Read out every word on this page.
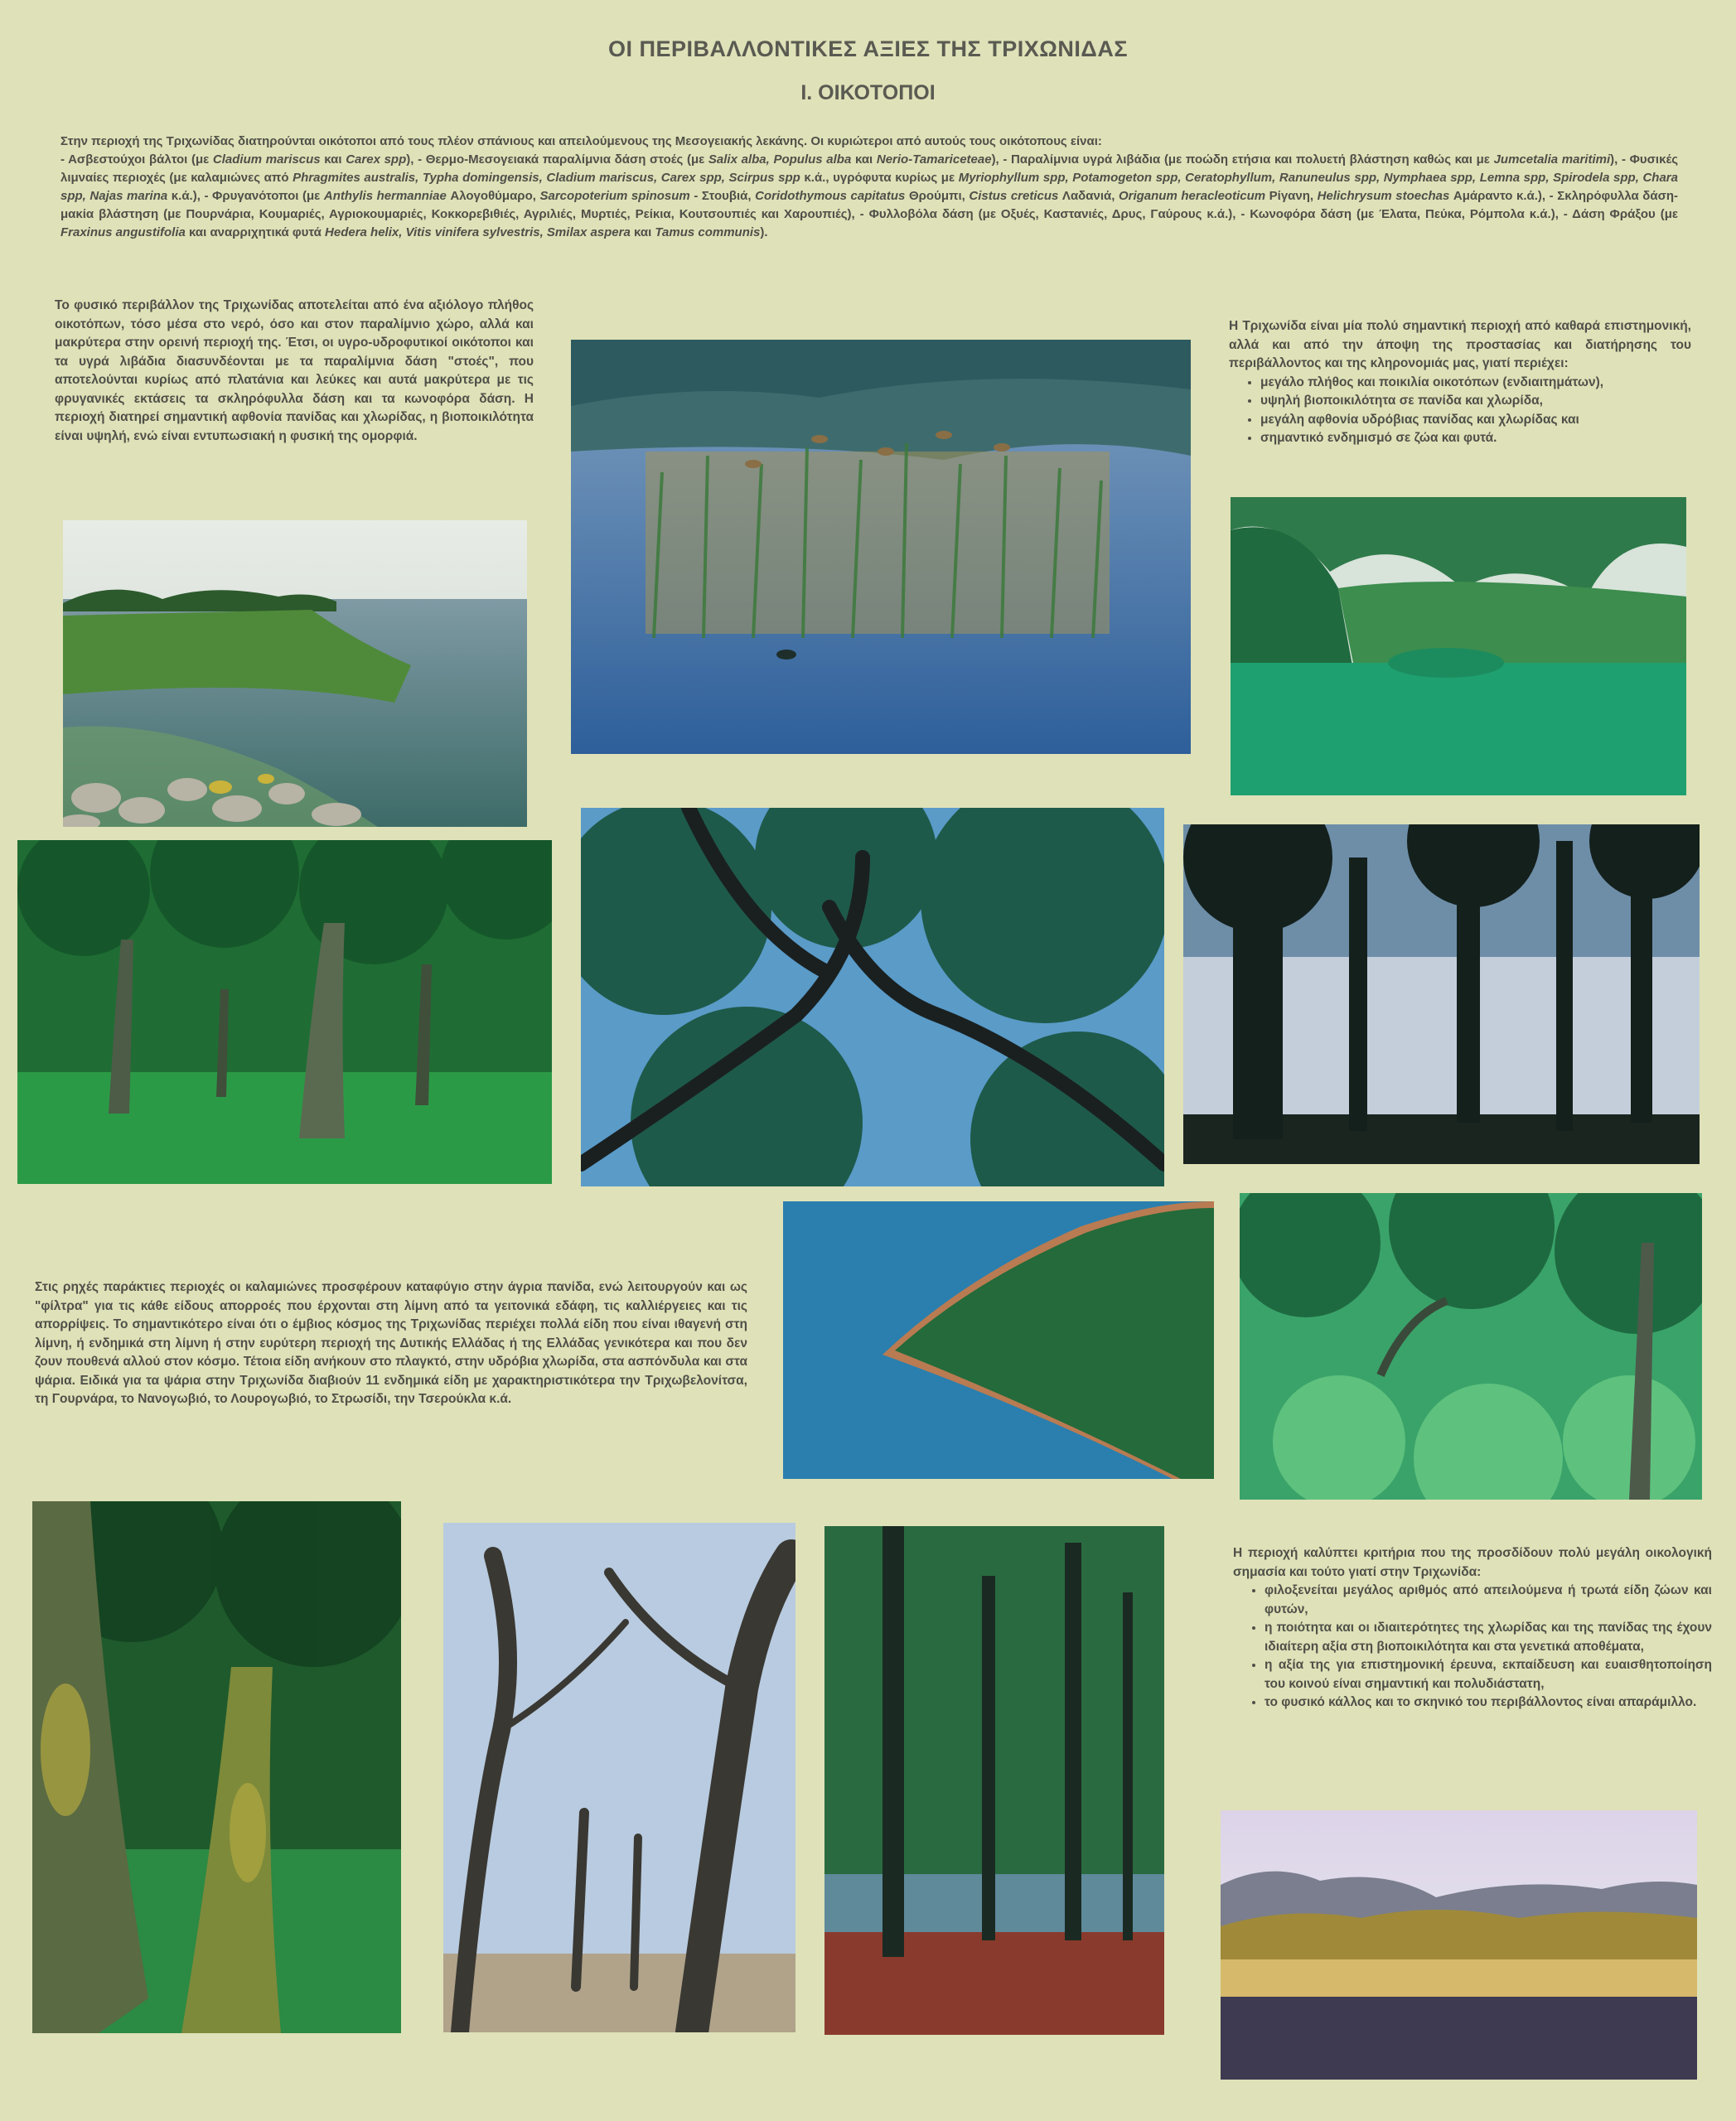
ΟΙ ΠΕΡΙΒΑΛΛΟΝΤΙΚΕΣ ΑΞΙΕΣ ΤΗΣ ΤΡΙΧΩΝΙΔΑΣ
Ι. ΟΙΚΟΤΟΠΟΙ
Στην περιοχή της Τριχωνίδας διατηρούνται οικότοποι από τους πλέον σπάνιους και απειλούμενους της Μεσογειακής λεκάνης. Οι κυριώτεροι από αυτούς τους οικότοπους είναι:
- Ασβεστούχοι βάλτοι (με Cladium mariscus και Carex spp), - Θερμο-Μεσογειακά παραλίμνια δάση στοές (με Salix alba, Populus alba και Nerio-Tamariceteae), - Παραλίμνια υγρά λιβάδια (με ποώδη ετήσια και πολυετή βλάστηση καθώς και με Jumcetalia maritimi), - Φυσικές λιμναίες περιοχές (με καλαμιώνες από Phragmites australis, Typha domingensis, Cladium mariscus, Carex spp, Scirpus spp κ.ά., υγρόφυτα κυρίως με Myriophyllum spp, Potamogeton spp, Ceratophyllum, Ranuneulus spp, Nymphaea spp, Lemna spp, Spirodela spp, Chara spp, Najas marina κ.ά.), - Φρυγανότοποι (με Anthylis hermanniae Αλογοθύμαρο, Sarcopoterium spinosum - Στουβιά, Coridothymous capitatus Θρούμπι, Cistus creticus Λαδανιά, Origanum heracleoticum Ρίγανη, Helichrysum stoechas Αμάραντο κ.ά.), - Σκληρόφυλλα δάση-μακία βλάστηση (με Πουρνάρια, Κουμαριές, Αγριοκουμαριές, Κοκκορεβιθιές, Αγριλιές, Μυρτιές, Ρείκια, Κουτσουπιές και Χαρουπιές), - Φυλλοβόλα δάση (με Οξυές, Καστανιές, Δρυς, Γαύρους κ.ά.), - Κωνοφόρα δάση (με Έλατα, Πεύκα, Ρόμπολα κ.ά.), - Δάση Φράξου (με Fraxinus angustifolia και αναρριχητικά φυτά Hedera helix, Vitis vinifera sylvestris, Smilax aspera και Tamus communis).
Το φυσικό περιβάλλον της Τριχωνίδας αποτελείται από ένα αξιόλογο πλήθος οικοτόπων, τόσο μέσα στο νερό, όσο και στον παραλίμνιο χώρο, αλλά και μακρύτερα στην ορεινή περιοχή της. Έτσι, οι υγρο-υδροφυτικοί οικότοποι και τα υγρά λιβάδια διασυνδέονται με τα παραλίμνια δάση "στοές", που αποτελούνται κυρίως από πλατάνια και λεύκες και αυτά μακρύτερα με τις φρυγανικές εκτάσεις τα σκληρόφυλλα δάση και τα κωνοφόρα δάση. Η περιοχή διατηρεί σημαντική αφθονία πανίδας και χλωρίδας, η βιοποικιλότητα είναι υψηλή, ενώ είναι εντυπωσιακή η φυσική της ομορφιά.
Η Τριχωνίδα είναι μία πολύ σημαντική περιοχή από καθαρά επιστημονική, αλλά και από την άποψη της προστασίας και διατήρησης του περιβάλλοντος και της κληρονομιάς μας, γιατί περιέχει:
• μεγάλο πλήθος και ποικιλία οικοτόπων (ενδιαιτημάτων),
• υψηλή βιοποικιλότητα σε πανίδα και χλωρίδα,
• μεγάλη αφθονία υδρόβιας πανίδας και χλωρίδας και
• σημαντικό ενδημισμό σε ζώα και φυτά.
Στις ρηχές παράκτιες περιοχές οι καλαμιώνες προσφέρουν καταφύγιο στην άγρια πανίδα, ενώ λειτουργούν και ως "φίλτρα" για τις κάθε είδους απορροές που έρχονται στη λίμνη από τα γειτονικά εδάφη, τις καλλιέργειες και τις απορρίψεις. Το σημαντικότερο είναι ότι ο έμβιος κόσμος της Τριχωνίδας περιέχει πολλά είδη που είναι ιθαγενή στη λίμνη, ή ενδημικά στη λίμνη ή στην ευρύτερη περιοχή της Δυτικής Ελλάδας ή της Ελλάδας γενικότερα και που δεν ζουν πουθενά αλλού στον κόσμο. Τέτοια είδη ανήκουν στο πλαγκτό, στην υδρόβια χλωρίδα, στα ασπόνδυλα και στα ψάρια. Ειδικά για τα ψάρια στην Τριχωνίδα διαβιούν 11 ενδημικά είδη με χαρακτηριστικότερα την Τριχωβελονίτσα, τη Γουρνάρα, το Νανογωβιό, το Λουρογωβιό, το Στρωσίδι, την Τσερούκλα κ.ά.
Η περιοχή καλύπτει κριτήρια που της προσδίδουν πολύ μεγάλη οικολογική σημασία και τούτο γιατί στην Τριχωνίδα:
• φιλοξενείται μεγάλος αριθμός από απειλούμενα ή τρωτά είδη ζώων και φυτών,
• η ποιότητα και οι ιδιαιτερότητες της χλωρίδας και της πανίδας της έχουν ιδιαίτερη αξία στη βιοποικιλότητα και στα γενετικά αποθέματα,
• η αξία της για επιστημονική έρευνα, εκπαίδευση και ευαισθητοποίηση του κοινού είναι σημαντική και πολυδιάστατη,
• το φυσικό κάλλος και το σκηνικό του περιβάλλοντος είναι απαράμιλλο.
